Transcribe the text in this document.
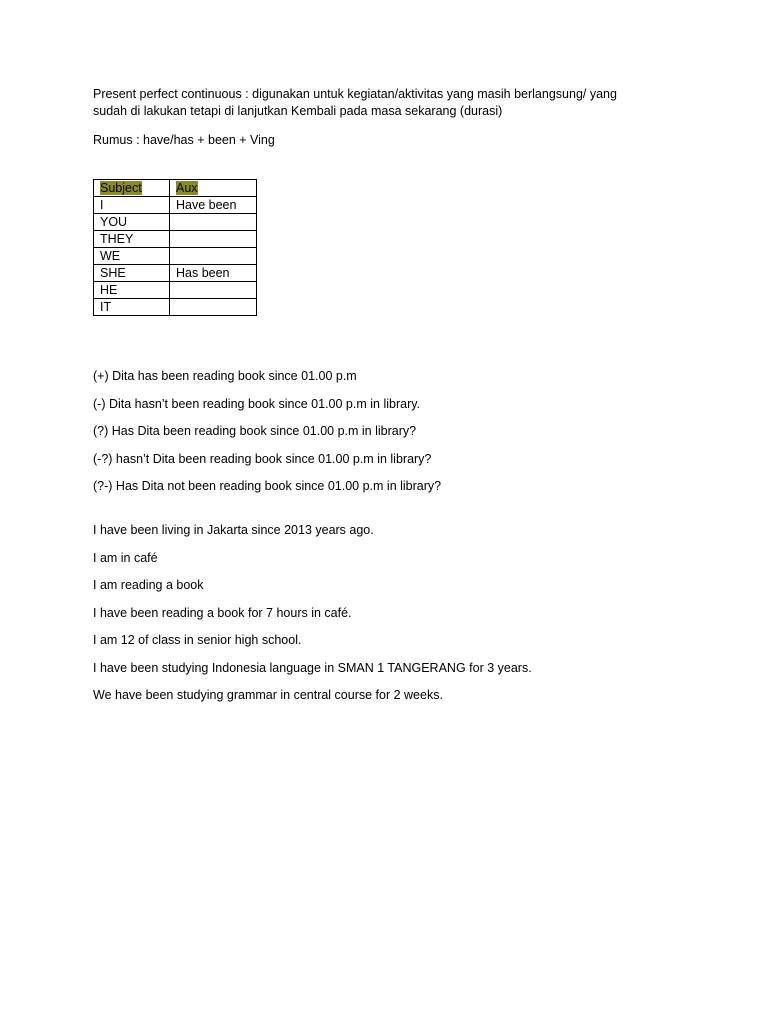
Present perfect continuous : digunakan untuk kegiatan/aktivitas yang masih berlangsung/ yang
sudah di lakukan tetapi di lanjutkan Kembali pada masa sekarang (durasi)

Rumus : have/has + been + Ving

Subject	Aux
I	Have been
YOU	
THEY	
WE	
SHE	Has been
HE	
IT	

(+) Dita has been reading book since 01.00 p.m

(-) Dita hasn’t been reading book since 01.00 p.m in library.

(?) Has Dita been reading book since 01.00 p.m in library?

(-?) hasn’t Dita been reading book since 01.00 p.m in library?

(?-) Has Dita not been reading book since 01.00 p.m in library?

I have been living in Jakarta since 2013 years ago.

I am in café

I am reading a book

I have been reading a book for 7 hours in café.

I am 12 of class in senior high school.

I have been studying Indonesia language in SMAN 1 TANGERANG for 3 years.

We have been studying grammar in central course for 2 weeks.
